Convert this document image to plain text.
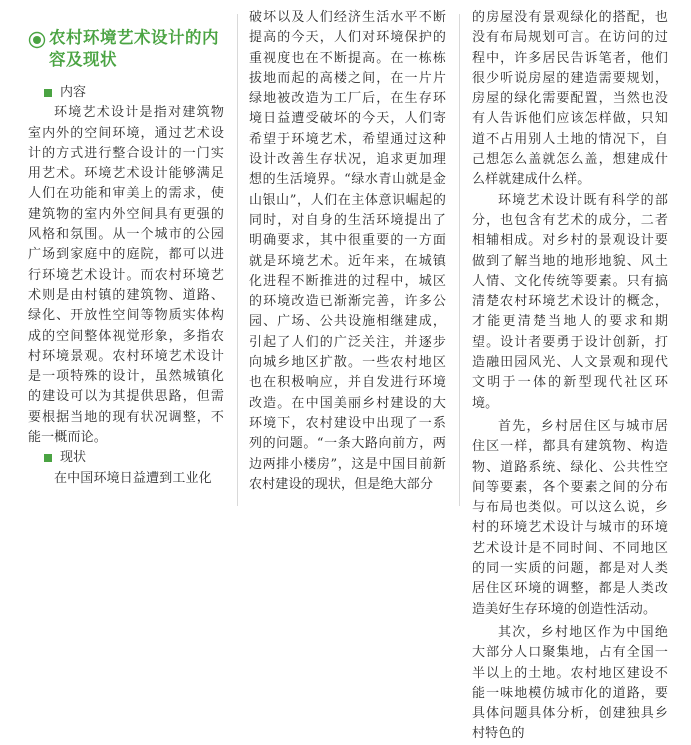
农村环境艺术设计的内容及现状
内容

环境艺术设计是指对建筑物室内外的空间环境，通过艺术设计的方式进行整合设计的一门实用艺术。环境艺术设计能够满足人们在功能和审美上的需求，使建筑物的室内外空间具有更强的风格和氛围。从一个城市的公园广场到家庭中的庭院，都可以进行环境艺术设计。而农村环境艺术则是由村镇的建筑物、道路、绿化、开放性空间等物质实体构成的空间整体视觉形象，多指农村环境景观。农村环境艺术设计是一项特殊的设计，虽然城镇化的建设可以为其提供思路，但需要根据当地的现有状况调整，不能一概而论。

现状

在中国环境日益遭到工业化

破坏以及人们经济生活水平不断提高的今天，人们对环境保护的重视度也在不断提高。在一栋栋拔地而起的高楼之间，在一片片绿地被改造为工厂后，在生存环境日益遭受破坏的今天，人们寄希望于环境艺术，希望通过这种设计改善生存状况，追求更加理想的生活境界。“绿水青山就是金山银山”，人们在主体意识崛起的同时，对自身的生活环境提出了明确要求，其中很重要的一方面就是环境艺术。近年来，在城镇化进程不断推进的过程中，城区的环境改造已渐渐完善，许多公园、广场、公共设施相继建成，引起了人们的广泛关注，并逐步向城乡地区扩散。一些农村地区也在积极响应，并自发进行环境改造。在中国美丽乡村建设的大环境下，农村建设中出现了一系列的问题。“一条大路向前方，两边两排小楼房”，这是中国目前新农村建设的现状，但是绝大部分

的房屋没有景观绿化的搭配，也没有布局规划可言。在访问的过程中，许多居民告诉笔者，他们很少听说房屋的建造需要规划，房屋的绿化需要配置，当然也没有人告诉他们应该怎样做，只知道不占用别人土地的情况下，自己想怎么盖就怎么盖，想建成什么样就建成什么样。

环境艺术设计既有科学的部分，也包含有艺术的成分，二者相辅相成。对乡村的景观设计要做到了解当地的地形地貌、风土人情、文化传统等要素。只有搞清楚农村环境艺术设计的概念，才能更清楚当地人的要求和期望。设计者要勇于设计创新，打造融田园风光、人文景观和现代文明于一体的新型现代社区环境。

首先，乡村居住区与城市居住区一样，都具有建筑物、构造物、道路系统、绿化、公共性空间等要素，各个要素之间的分布与布局也类似。可以这么说，乡村的环境艺术设计与城市的环境艺术设计是不同时间、不同地区的同一实质的问题，都是对人类居住区环境的调整，都是人类改造美好生存环境的创造性活动。

其次，乡村地区作为中国绝大部分人口聚集地，占有全国一半以上的土地。农村地区建设不能一味地模仿城市化的道路，要具体问题具体分析，创建独具乡村特色的
